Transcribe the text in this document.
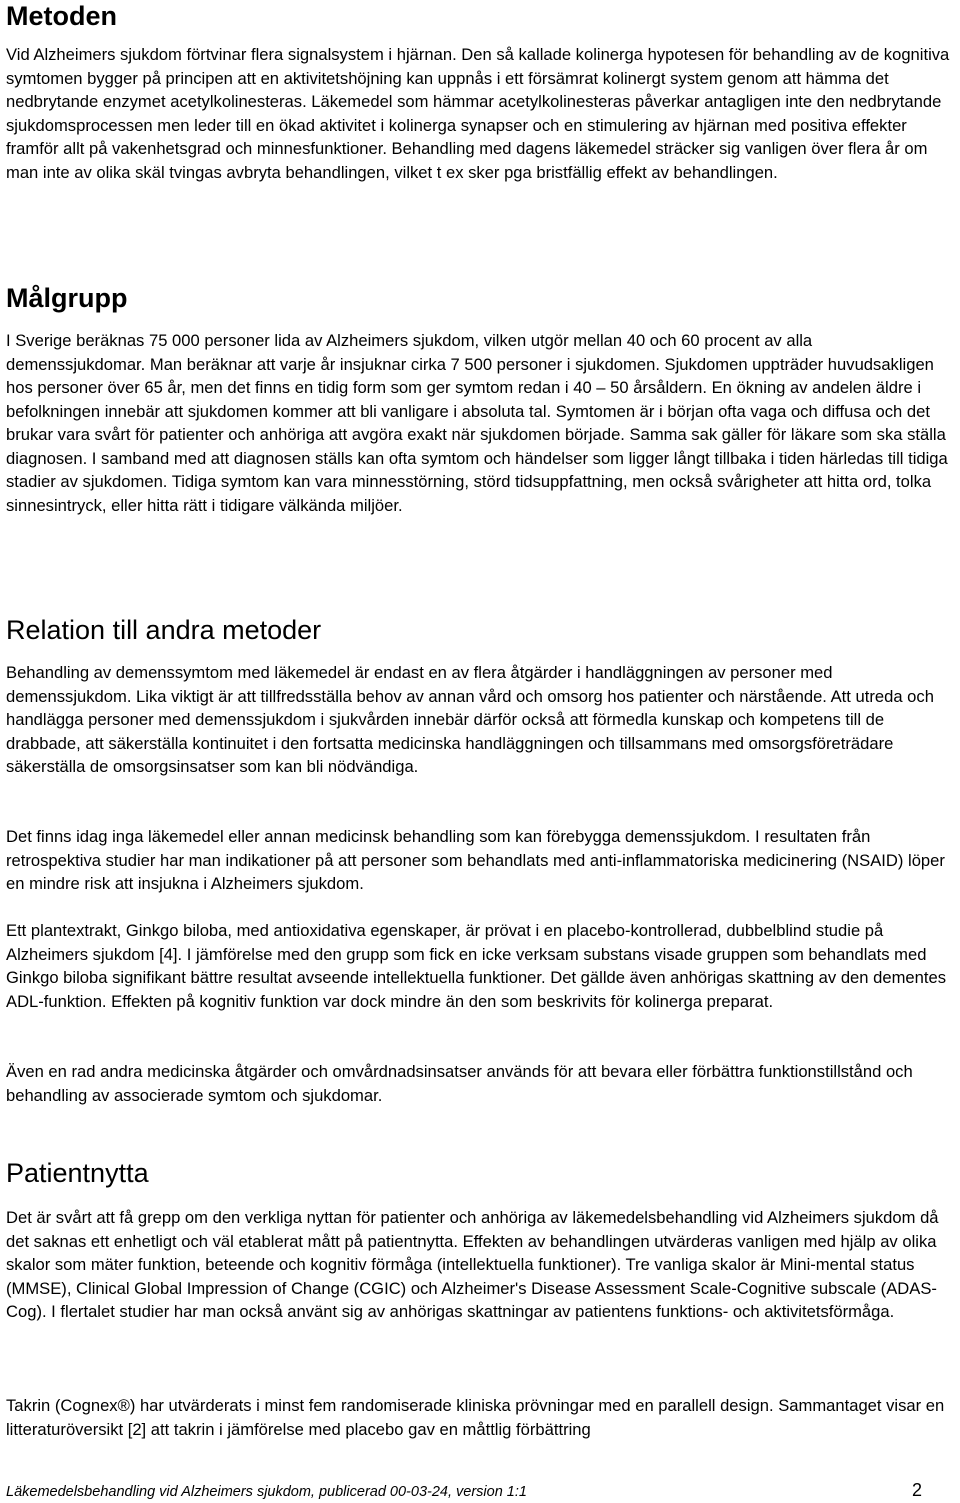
Metoden

Vid Alzheimers sjukdom förtvinar flera signalsystem i hjärnan. Den så kallade kolinerga hypotesen för behandling av de kognitiva symtomen bygger på principen att en aktivitetshöjning kan uppnås i ett försämrat kolinergt system genom att hämma det nedbrytande enzymet acetylkolinesteras. Läkemedel som hämmar acetylkolinesteras påverkar antagligen inte den nedbrytande sjukdomsprocessen men leder till en ökad aktivitet i kolinerga synapser och en stimulering av hjärnan med positiva effekter framför allt på vakenhetsgrad och minnesfunktioner. Behandling med dagens läkemedel sträcker sig vanligen över flera år om man inte av olika skäl tvingas avbryta behandlingen, vilket t ex sker pga bristfällig effekt av behandlingen.

Målgrupp

I Sverige beräknas 75 000 personer lida av Alzheimers sjukdom, vilken utgör mellan 40 och 60 procent av alla demenssjukdomar. Man beräknar att varje år insjuknar cirka 7 500 personer i sjukdomen. Sjukdomen uppträder huvudsakligen hos personer över 65 år, men det finns en tidig form som ger symtom redan i 40 – 50 årsåldern. En ökning av andelen äldre i befolkningen innebär att sjukdomen kommer att bli vanligare i absoluta tal. Symtomen är i början ofta vaga och diffusa och det brukar vara svårt för patienter och anhöriga att avgöra exakt när sjukdomen började. Samma sak gäller för läkare som ska ställa diagnosen. I samband med att diagnosen ställs kan ofta symtom och händelser som ligger långt tillbaka i tiden härledas till tidiga stadier av sjukdomen. Tidiga symtom kan vara minnesstörning, störd tidsuppfattning, men också svårigheter att hitta ord, tolka sinnesintryck, eller hitta rätt i tidigare välkända miljöer.

Relation till andra metoder

Behandling av demenssymtom med läkemedel är endast en av flera åtgärder i handläggningen av personer med demenssjukdom. Lika viktigt är att tillfredsställa behov av annan vård och omsorg hos patienter och närstående. Att utreda och handlägga personer med demenssjukdom i sjukvården innebär därför också att förmedla kunskap och kompetens till de drabbade, att säkerställa kontinuitet i den fortsatta medicinska handläggningen och tillsammans med omsorgsföreträdare säkerställa de omsorgsinsatser som kan bli nödvändiga.

Det finns idag inga läkemedel eller annan medicinsk behandling som kan förebygga demenssjukdom. I resultaten från retrospektiva studier har man indikationer på att personer som behandlats med anti-inflammatoriska medicinering (NSAID) löper en mindre risk att insjukna i Alzheimers sjukdom.

Ett plantextrakt, Ginkgo biloba, med antioxidativa egenskaper, är prövat i en placebo-kontrollerad, dubbelblind studie på Alzheimers sjukdom [4]. I jämförelse med den grupp som fick en icke verksam substans visade gruppen som behandlats med Ginkgo biloba signifikant bättre resultat avseende intellektuella funktioner. Det gällde även anhörigas skattning av den dementes ADL-funktion. Effekten på kognitiv funktion var dock mindre än den som beskrivits för kolinerga preparat.

Även en rad andra medicinska åtgärder och omvårdnadsinsatser används för att bevara eller förbättra funktionstillstånd och behandling av associerade symtom och sjukdomar.

Patientnytta

Det är svårt att få grepp om den verkliga nyttan för patienter och anhöriga av läkemedelsbehandling vid Alzheimers sjukdom då det saknas ett enhetligt och väl etablerat mått på patientnytta. Effekten av behandlingen utvärderas vanligen med hjälp av olika skalor som mäter funktion, beteende och kognitiv förmåga (intellektuella funktioner). Tre vanliga skalor är Mini-mental status (MMSE), Clinical Global Impression of Change (CGIC) och Alzheimer's Disease Assessment Scale-Cognitive subscale (ADAS-Cog). I flertalet studier har man också använt sig av anhörigas skattningar av patientens funktions- och aktivitetsförmåga.

Takrin (Cognex®) har utvärderats i minst fem randomiserade kliniska prövningar med en parallell design. Sammantaget visar en litteraturöversikt [2] att takrin i jämförelse med placebo gav en måttlig förbättring

Läkemedelsbehandling vid Alzheimers sjukdom, publicerad 00-03-24, version 1:1	2
